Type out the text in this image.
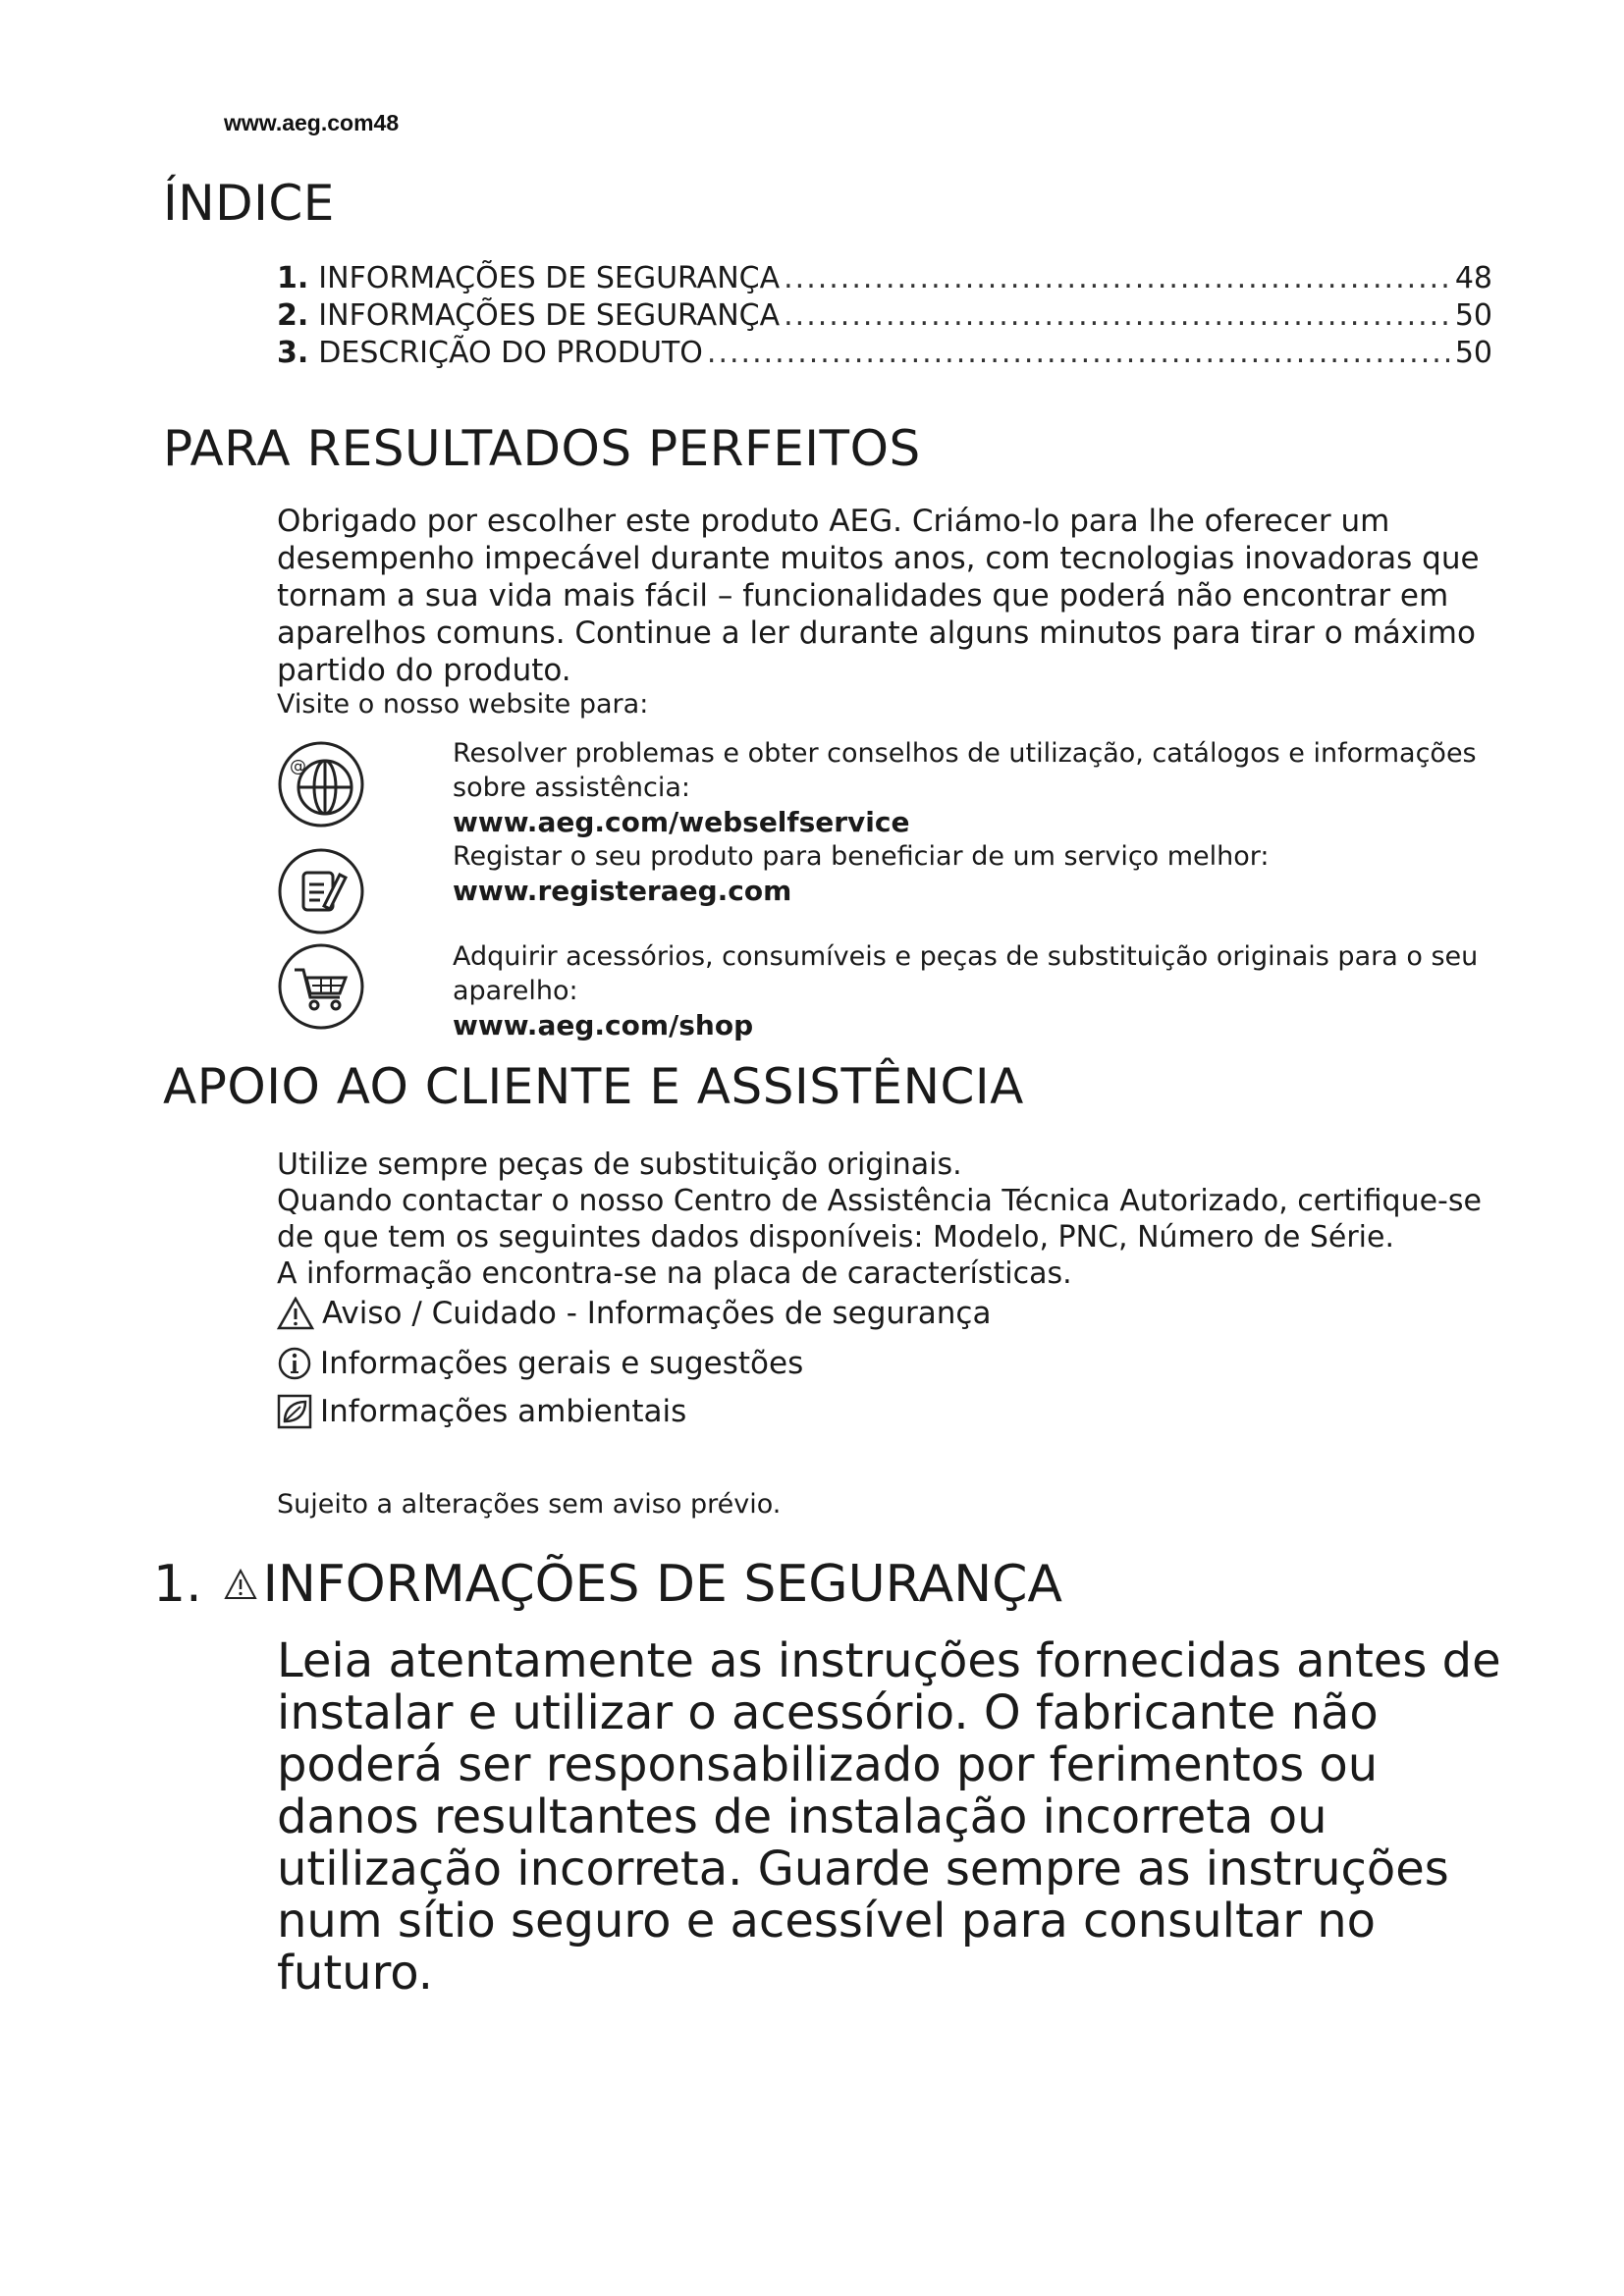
www.aeg.com48
ÍNDICE
1. INFORMAÇÕES DE SEGURANÇA .....	48
2. INFORMAÇÕES DE SEGURANÇA .....	50
3. DESCRIÇÃO DO PRODUTO .....	50
PARA RESULTADOS PERFEITOS

Obrigado por escolher este produto AEG. Criámo-lo para lhe oferecer um desempenho impecável durante muitos anos, com tecnologias inovadoras que tornam a sua vida mais fácil – funcionalidades que poderá não encontrar em aparelhos comuns. Continue a ler durante alguns minutos para tirar o máximo partido do produto.

Visite o nosso website para:
@	Resolver problemas e obter conselhos de utilização, catálogos e informações sobre assistência:
www.aeg.com/webselfservice
Registar o seu produto para beneficiar de um serviço melhor:
www.registeraeg.com
Adquirir acessórios, consumíveis e peças de substituição originais para o seu aparelho:
www.aeg.com/shop
APOIO AO CLIENTE E ASSISTÊNCIA
Utilize sempre peças de substituição originais.
Quando contactar o nosso Centro de Assistência Técnica Autorizado, certifique-se de que tem os seguintes dados disponíveis: Modelo, PNC, Número de Série.
A informação encontra-se na placa de características.
Aviso / Cuidado - Informações de segurança
Informações gerais e sugestões
Informações ambientais
Sujeito a alterações sem aviso prévio.
1. INFORMAÇÕES DE SEGURANÇA

Leia atentamente as instruções fornecidas antes de instalar e utilizar o acessório. O fabricante não poderá ser responsabilizado por ferimentos ou danos resultantes de instalação incorreta ou utilização incorreta. Guarde sempre as instruções num sítio seguro e acessível para consultar no futuro.
